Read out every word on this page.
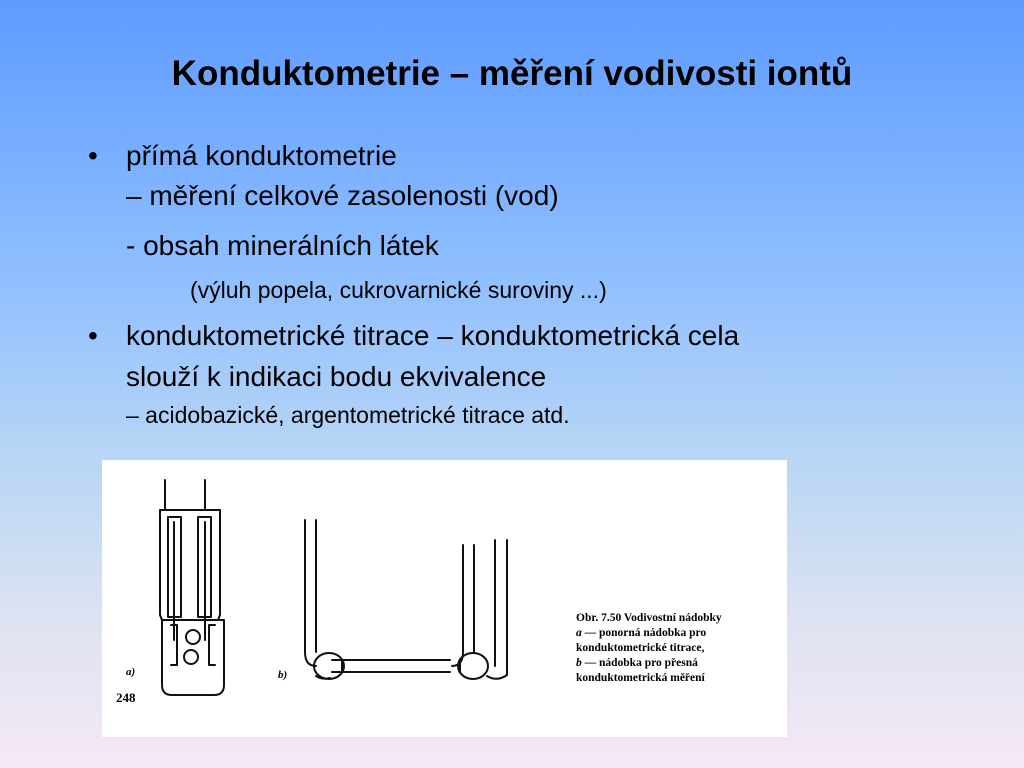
Konduktometrie – měření vodivosti iontů
• přímá konduktometrie
– měření celkové zasolenosti (vod)
- obsah minerálních látek
(výluh popela, cukrovarnické suroviny ...)
• konduktometrické titrace – konduktometrická cela
slouží k indikaci bodu ekvivalence
– acidobazické, argentometrické titrace atd.
a)	b)
248
Obr. 7.50 Vodivostní nádobky
a — ponorná nádobka pro
konduktometrické titrace,
b — nádobka pro přesná
konduktometrická měření
